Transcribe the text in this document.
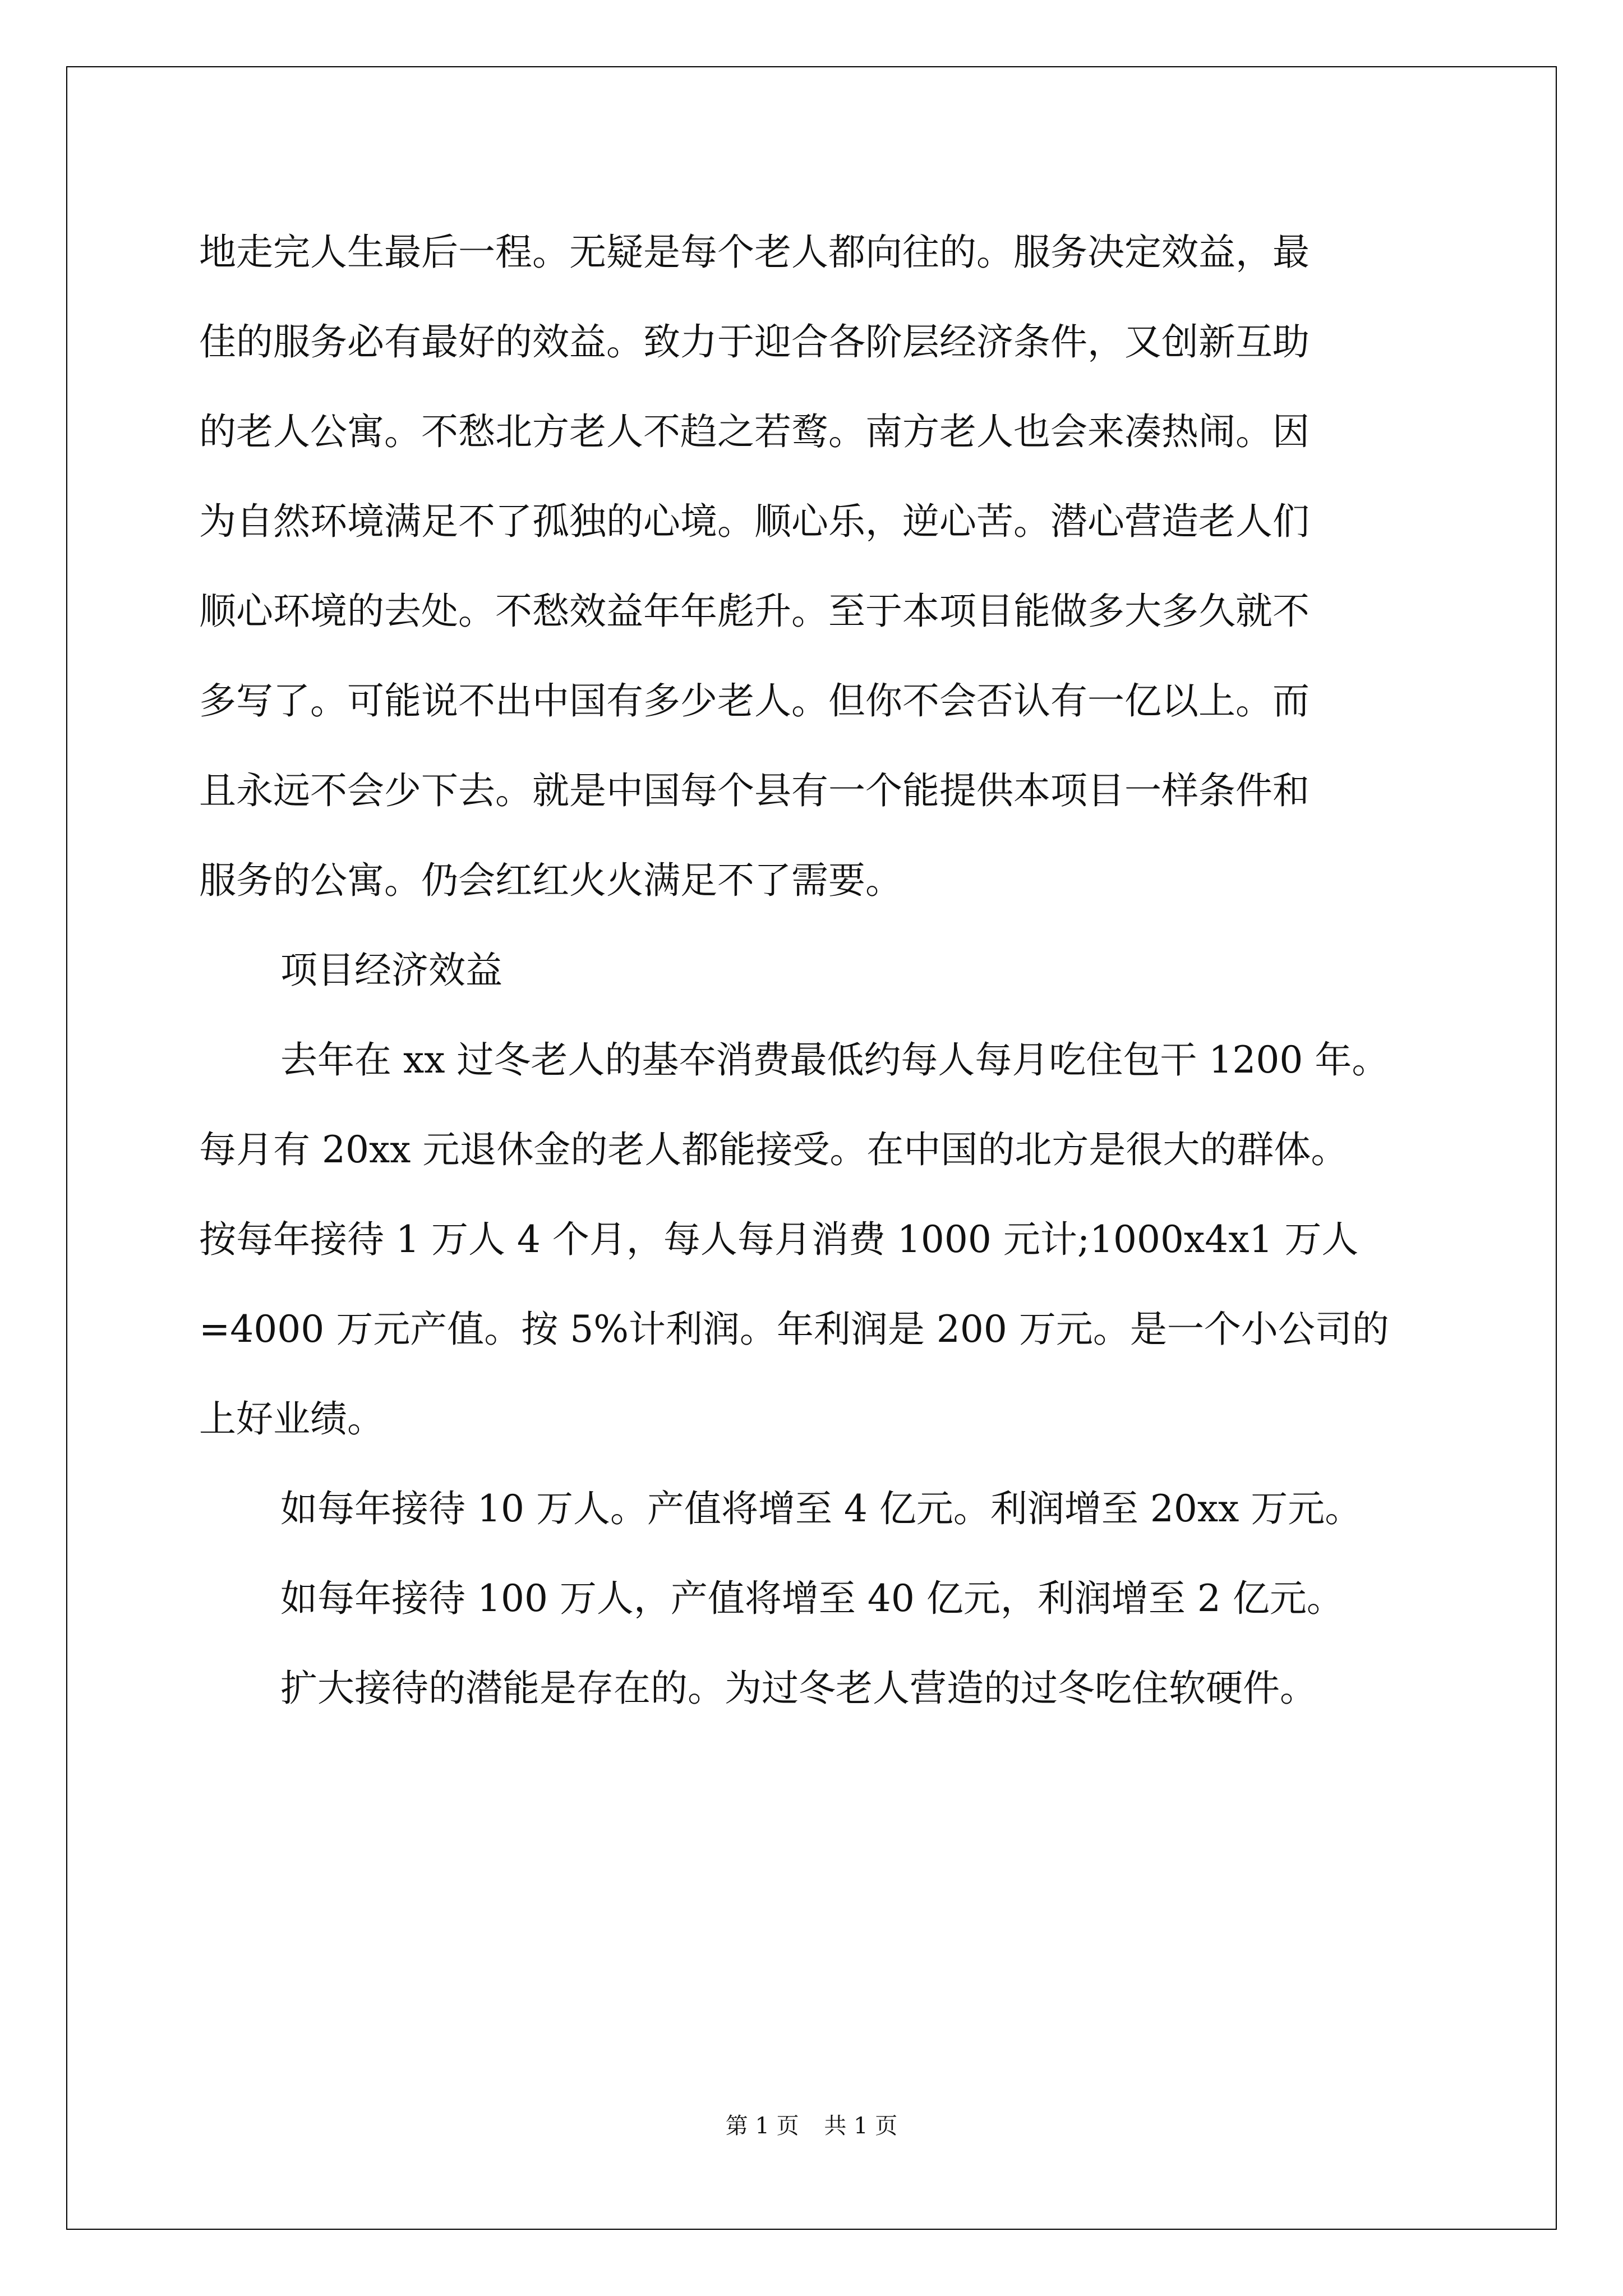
地走完人生最后一程。无疑是每个老人都向往的。服务决定效益，最
佳的服务必有最好的效益。致力于迎合各阶层经济条件，又创新互助
的老人公寓。不愁北方老人不趋之若鹜。南方老人也会来凑热闹。因
为自然环境满足不了孤独的心境。顺心乐，逆心苦。潜心营造老人们
顺心环境的去处。不愁效益年年彪升。至于本项目能做多大多久就不
多写了。可能说不出中国有多少老人。但你不会否认有一亿以上。而
且永远不会少下去。就是中国每个县有一个能提供本项目一样条件和
服务的公寓。仍会红红火火满足不了需要。
项目经济效益
去年在 xx 过冬老人的基夲消费最低约每人每月吃住包干 1200 年。
每月有 20xx 元退休金的老人都能接受。在中国的北方是很大的群体。
按每年接待 1 万人 4 个月，每人每月消费 1000 元计;1000x4x1 万人
=4000 万元产值。按 5%计利润。年利润是 200 万元。是一个小公司的
上好业绩。
如每年接待 10 万人。产值将增至 4 亿元。利润增至 20xx 万元。
如每年接待 100 万人，产值将增至 40 亿元，利润增至 2 亿元。
扩大接待的潜能是存在的。为过冬老人营造的过冬吃住软硬件。
第 1 页 共 1 页
